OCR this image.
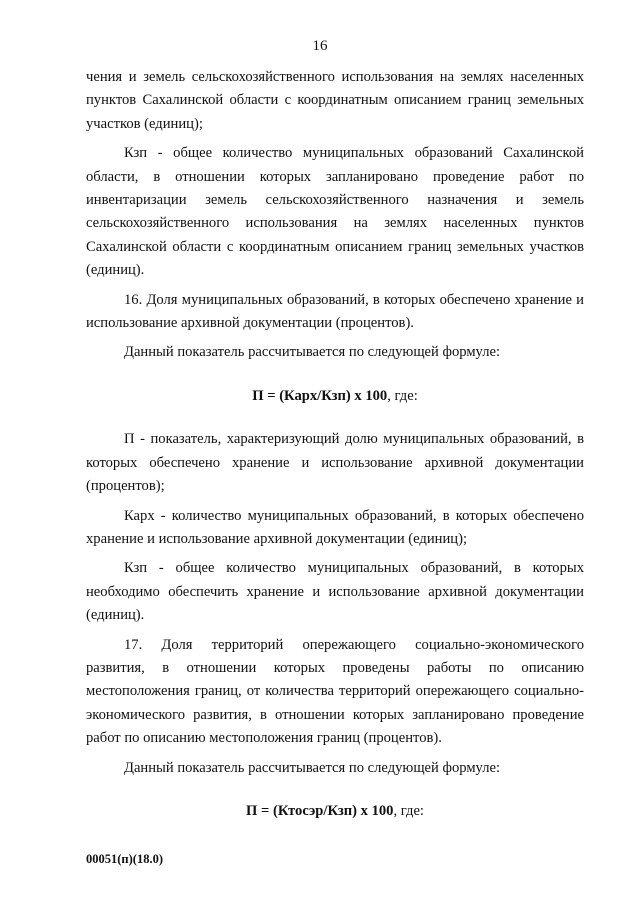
16

чения и земель сельскохозяйственного использования на землях населенных пунктов Сахалинской области с координатным описанием границ земельных участков (единиц);

Кзп - общее количество муниципальных образований Сахалинской области, в отношении которых запланировано проведение работ по инвентаризации земель сельскохозяйственного назначения и земель сельскохозяйственного использования на землях населенных пунктов Сахалинской области с координатным описанием границ земельных участков (единиц).

16. Доля муниципальных образований, в которых обеспечено хранение и использование архивной документации (процентов).

Данный показатель рассчитывается по следующей формуле:

П = (Карх/Кзп) х 100, где:

П - показатель, характеризующий долю муниципальных образований, в которых обеспечено хранение и использование архивной документации (процентов);

Карх - количество муниципальных образований, в которых обеспечено хранение и использование архивной документации (единиц);

Кзп - общее количество муниципальных образований, в которых необходимо обеспечить хранение и использование архивной документации (единиц).

17. Доля территорий опережающего социально-экономического развития, в отношении которых проведены работы по описанию местоположения границ, от количества территорий опережающего социально-экономического развития, в отношении которых запланировано проведение работ по описанию местоположения границ (процентов).

Данный показатель рассчитывается по следующей формуле:

П = (Ктосэр/Кзп) х 100, где:
00051(п)(18.0)
